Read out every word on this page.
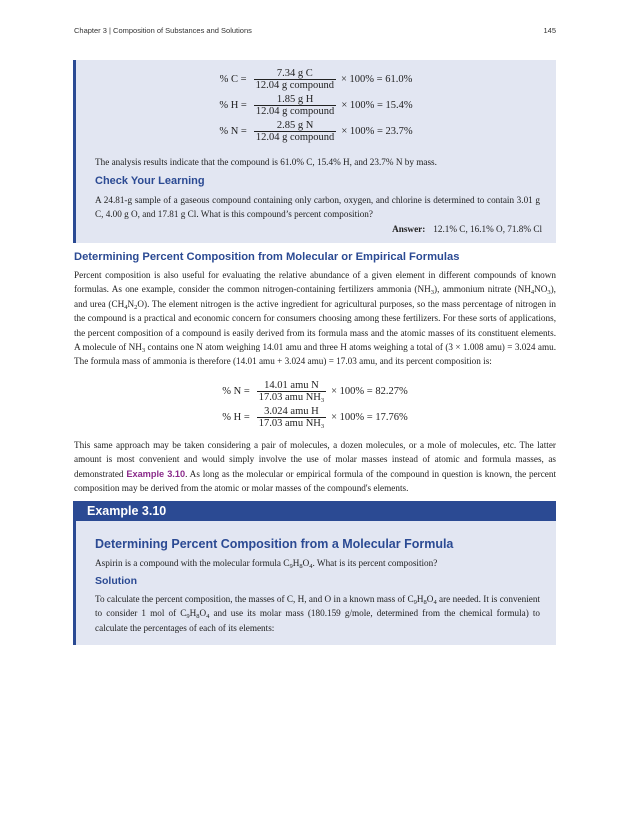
Chapter 3 | Composition of Substances and Solutions	145
% $C = \frac{\text{7.34 g C}}{\text{12.04 g compound}} \times 100\% = 61.0\%$
% $H = \frac{\text{1.85 g H}}{\text{12.04 g compound}} \times 100\% = 15.4\%$
% $N = \frac{\text{2.85 g N}}{\text{12.04 g compound}} \times 100\% = 23.7\%$

The analysis results indicate that the compound is 61.0% C, 15.4% H, and 23.7% N by mass.

Check Your Learning

A 24.81-g sample of a gaseous compound containing only carbon, oxygen, and chlorine is determined to contain 3.01 g C, 4.00 g O, and 17.81 g Cl. What is this compound’s percent composition?

Answer: 12.1% C, 16.1% O, 71.8% Cl

Determining Percent Composition from Molecular or Empirical Formulas

Percent composition is also useful for evaluating the relative abundance of a given element in different compounds of known formulas. As one example, consider the common nitrogen-containing fertilizers ammonia $(NH_3)$, ammonium nitrate $(NH_4NO_3)$, and urea $(CH_4N_2O)$. The element nitrogen is the active ingredient for agricultural purposes, so the mass percentage of nitrogen in the compound is a practical and economic concern for consumers choosing among these fertilizers. For these sorts of applications, the percent composition of a compound is easily derived from its formula mass and the atomic masses of its constituent elements. A molecule of $NH_3$ contains one N atom weighing 14.01 amu and three H atoms weighing a total of (3 × 1.008 amu) = 3.024 amu. The formula mass of ammonia is therefore (14.01 amu + 3.024 amu) = 17.03 amu, and its percent composition is:

% $N = \frac{\text{14.01 amu N}}{17.03 amu NH_3} \times 100\% = 82.27\%$
% $H = \frac{\text{3.024 amu H}}{17.03 amu NH_3} \times 100\% = 17.76\%$

This same approach may be taken considering a pair of molecules, a dozen molecules, or a mole of molecules, etc. The latter amount is most convenient and would simply involve the use of molar masses instead of atomic and formula masses, as demonstrated Example 3.10. As long as the molecular or empirical formula of the compound in question is known, the percent composition may be derived from the atomic or molar masses of the compound's elements.

Example 3.10

Determining Percent Composition from a Molecular Formula

Aspirin is a compound with the molecular formula $C_9H_8O_4$. What is its percent composition?

Solution

To calculate the percent composition, the masses of C, H, and O in a known mass of $C_9H_8O_4$ are needed. It is convenient to consider 1 mol of $C_9H_8O_4$ and use its molar mass (180.159 g/mole, determined from the chemical formula) to calculate the percentages of each of its elements:
